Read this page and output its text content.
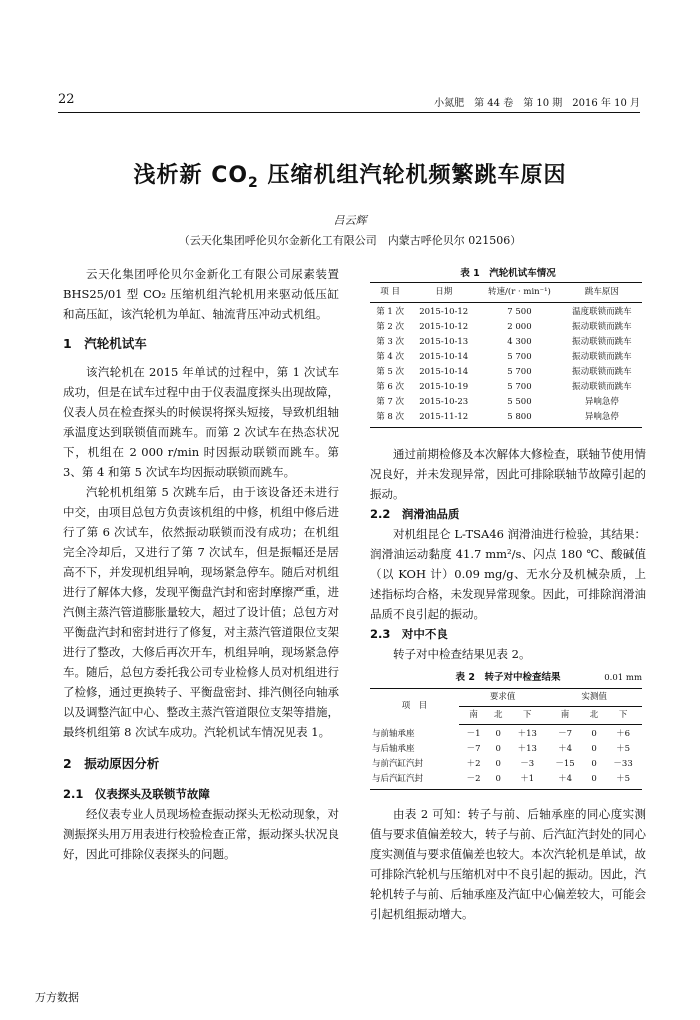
22	小氮肥　第 44 卷　第 10 期　2016 年 10 月
浅析新 $CO_2$ 压缩机组汽轮机频繁跳车原因
吕云辉
（云天化集团呼伦贝尔金新化工有限公司　内蒙古呼伦贝尔 021506）

云天化集团呼伦贝尔金新化工有限公司尿素装置 BHS25/01 型 CO₂ 压缩机组汽轮机用来驱动低压缸和高压缸，该汽轮机为单缸、轴流背压冲动式机组。

1　汽轮机试车

该汽轮机在 2015 年单试的过程中，第 1 次试车成功，但是在试车过程中由于仪表温度探头出现故障，仪表人员在检查探头的时候误将探头短接，导致机组轴承温度达到联锁值而跳车。而第 2 次试车在热态状况下，机组在 2 000 r/min 时因振动联锁而跳车。第 3、第 4 和第 5 次试车均因振动联锁而跳车。

汽轮机机组第 5 次跳车后，由于该设备还未进行中交，由项目总包方负责该机组的中修，机组中修后进行了第 6 次试车，依然振动联锁而没有成功；在机组完全冷却后，又进行了第 7 次试车，但是振幅还是居高不下，并发现机组异响，现场紧急停车。随后对机组进行了解体大修，发现平衡盘汽封和密封摩擦严重，进汽侧主蒸汽管道膨胀量较大，超过了设计值；总包方对平衡盘汽封和密封进行了修复，对主蒸汽管道限位支架进行了整改，大修后再次开车，机组异响，现场紧急停车。随后，总包方委托我公司专业检修人员对机组进行了检修，通过更换转子、平衡盘密封、排汽侧径向轴承以及调整汽缸中心、整改主蒸汽管道限位支架等措施，最终机组第 8 次试车成功。汽轮机试车情况见表 1。

2　振动原因分析
2.1　仪表探头及联锁节故障

经仪表专业人员现场检查振动探头无松动现象，对测振探头用万用表进行校验检查正常，振动探头状况良好，因此可排除仪表探头的问题。

表 1　汽轮机试车情况
项 目	日期	转速/(r · min⁻¹)	跳车原因
第 1 次	2015-10-12	7 500	温度联锁而跳车
第 2 次	2015-10-12	2 000	振动联锁而跳车
第 3 次	2015-10-13	4 300	振动联锁而跳车
第 4 次	2015-10-14	5 700	振动联锁而跳车
第 5 次	2015-10-14	5 700	振动联锁而跳车
第 6 次	2015-10-19	5 700	振动联锁而跳车
第 7 次	2015-10-23	5 500	异响急停
第 8 次	2015-11-12	5 800	异响急停

通过前期检修及本次解体大修检查，联轴节使用情况良好，并未发现异常，因此可排除联轴节故障引起的振动。

2.2　润滑油品质

对机组昆仑 L-TSA46 润滑油进行检验，其结果：润滑油运动黏度 41.7 mm²/s、闪点 180 ℃、酸碱值（以 KOH 计）0.09 mg/g、无水分及机械杂质，上述指标均合格，未发现异常现象。因此，可排除润滑油品质不良引起的振动。

2.3　对中不良

转子对中检查结果见表 2。

表 2　转子对中检查结果	0.01 mm
项　目	要求值			实测值		
	南	北	下	南	北	下
与前轴承座	－1	0	＋13	－7	0	＋6
与后轴承座	－7	0	＋13	＋4	0	＋5
与前汽缸汽封	＋2	0	－3	－15	0	－33
与后汽缸汽封	－2	0	＋1	＋4	0	＋5

由表 2 可知：转子与前、后轴承座的同心度实测值与要求值偏差较大，转子与前、后汽缸汽封处的同心度实测值与要求值偏差也较大。本次汽轮机是单试，故可排除汽轮机与压缩机对中不良引起的振动。因此，汽轮机转子与前、后轴承座及汽缸中心偏差较大，可能会引起机组振动增大。

万方数据
